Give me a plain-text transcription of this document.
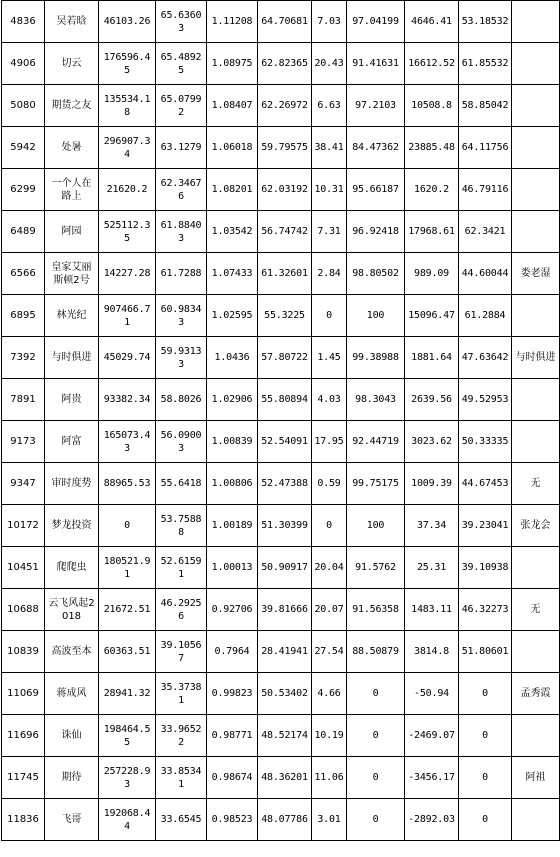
4836	吴若晗	46103.26	65.63603	1.11208	64.70681	7.03	97.04199	4646.41	53.18532	
4906	切云	176596.45	65.48925	1.08975	62.82365	20.43	91.41631	16612.52	61.85532	
5080	期货之友	135534.18	65.07992	1.08407	62.26972	6.63	97.2103	10508.8	58.85042	
5942	处暑	296907.34	63.1279	1.06018	59.79575	38.41	84.47362	23885.48	64.11756	
6299	一个人在路上	21620.2	62.34676	1.08201	62.03192	10.31	95.66187	1620.2	46.79116	
6489	阿园	525112.35	61.88403	1.03542	56.74742	7.31	96.92418	17968.61	62.3421	
6566	皇家艾丽斯顿2号	14227.28	61.7288	1.07433	61.32601	2.84	98.80502	989.09	44.60044	娄老湿
6895	林光纪	907466.71	60.98343	1.02595	55.3225	0	100	15096.47	61.2884	
7392	与时俱进	45029.74	59.93133	1.0436	57.80722	1.45	99.38988	1881.64	47.63642	与时俱进
7891	阿贵	93382.34	58.8026	1.02906	55.80894	4.03	98.3043	2639.56	49.52953	
9173	阿富	165073.43	56.09003	1.00839	52.54091	17.95	92.44719	3023.62	50.33335	
9347	审时度势	88965.53	55.6418	1.00806	52.47388	0.59	99.75175	1009.39	44.67453	无
10172	梦龙投资	0	53.75888	1.00189	51.30399	0	100	37.34	39.23041	张龙会
10451	爬爬虫	180521.91	52.61591	1.00013	50.90917	20.04	91.5762	25.31	39.10938	
10688	云飞风起2018	21672.51	46.29256	0.92706	39.81666	20.07	91.56358	1483.11	46.32273	无
10839	高波至本	60363.51	39.10567	0.7964	28.41941	27.54	88.50879	3814.8	51.80601	
11069	蒋成风	28941.32	35.37381	0.99823	50.53402	4.66	0	-50.94	0	孟秀霞
11696	诛仙	198464.55	33.96522	0.98771	48.52174	10.19	0	-2469.07	0	
11745	期待	257228.93	33.85341	0.98674	48.36201	11.06	0	-3456.17	0	阿祖
11836	飞哥	192068.44	33.6545	0.98523	48.07786	3.01	0	-2892.03	0	
